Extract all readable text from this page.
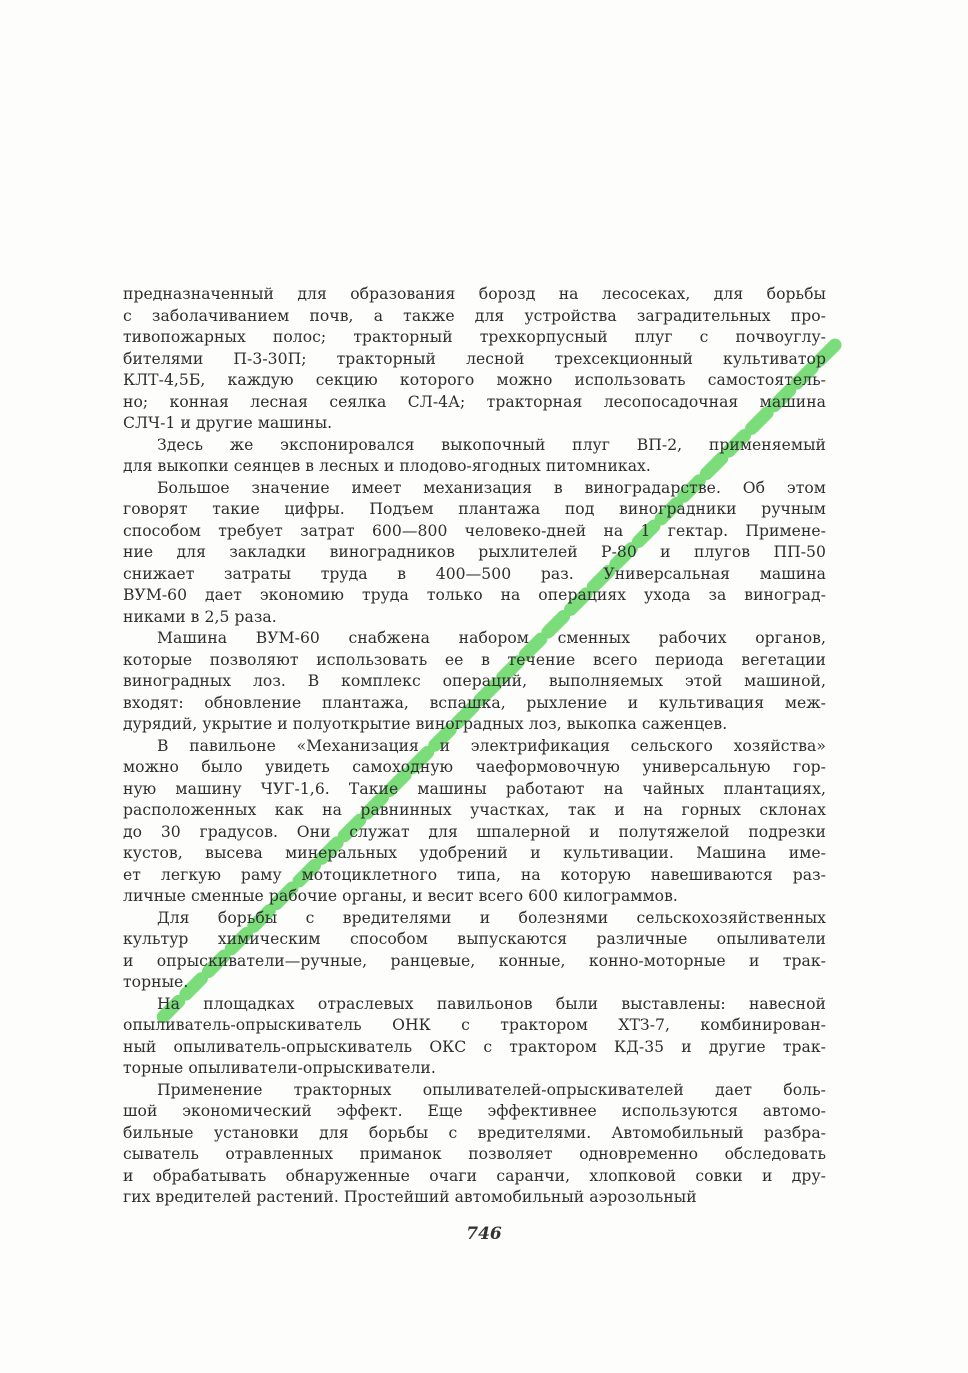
предназначенный для образования борозд на лесосеках, для борьбы
с заболачиванием почв, а также для устройства заградительных про-
тивопожарных полос; тракторный трехкорпусный плуг с почвоуглу-
бителями П-3-30П; тракторный лесной трехсекционный культиватор
КЛТ-4,5Б, каждую секцию которого можно использовать самостоятель-
но; конная лесная сеялка СЛ-4А; тракторная лесопосадочная машина
СЛЧ-1 и другие машины.
Здесь же экспонировался выкопочный плуг ВП-2, применяемый
для выкопки сеянцев в лесных и плодово-ягодных питомниках.
Большое значение имеет механизация в виноградарстве. Об этом
говорят такие цифры. Подъем плантажа под виноградники ручным
способом требует затрат 600—800 человеко-дней на 1 гектар. Примене-
ние для закладки виноградников рыхлителей Р-80 и плугов ПП-50
снижает затраты труда в 400—500 раз. Универсальная машина
ВУМ-60 дает экономию труда только на операциях ухода за виноград-
никами в 2,5 раза.
Машина ВУМ-60 снабжена набором сменных рабочих органов,
которые позволяют использовать ее в течение всего периода вегетации
виноградных лоз. В комплекс операций, выполняемых этой машиной,
входят: обновление плантажа, вспашка, рыхление и культивация меж-
дурядий, укрытие и полуоткрытие виноградных лоз, выкопка саженцев.
В павильоне «Механизация и электрификация сельского хозяйства»
можно было увидеть самоходную чаеформовочную универсальную гор-
ную машину ЧУГ-1,6. Такие машины работают на чайных плантациях,
расположенных как на равнинных участках, так и на горных склонах
до 30 градусов. Они служат для шпалерной и полутяжелой подрезки
кустов, высева минеральных удобрений и культивации. Машина име-
ет легкую раму мотоциклетного типа, на которую навешиваются раз-
личные сменные рабочие органы, и весит всего 600 килограммов.
Для борьбы с вредителями и болезнями сельскохозяйственных
культур химическим способом выпускаются различные опыливатели
и опрыскиватели—ручные, ранцевые, конные, конно-моторные и трак-
торные.
На площадках отраслевых павильонов были выставлены: навесной
опыливатель-опрыскиватель ОНК с трактором ХТЗ-7, комбинирован-
ный опыливатель-опрыскиватель ОКС с трактором КД-35 и другие трак-
торные опыливатели-опрыскиватели.
Применение тракторных опыливателей-опрыскивателей дает боль-
шой экономический эффект. Еще эффективнее используются автомо-
бильные установки для борьбы с вредителями. Автомобильный разбра-
сыватель отравленных приманок позволяет одновременно обследовать
и обрабатывать обнаруженные очаги саранчи, хлопковой совки и дру-
гих вредителей растений. Простейший автомобильный аэрозольный
746
